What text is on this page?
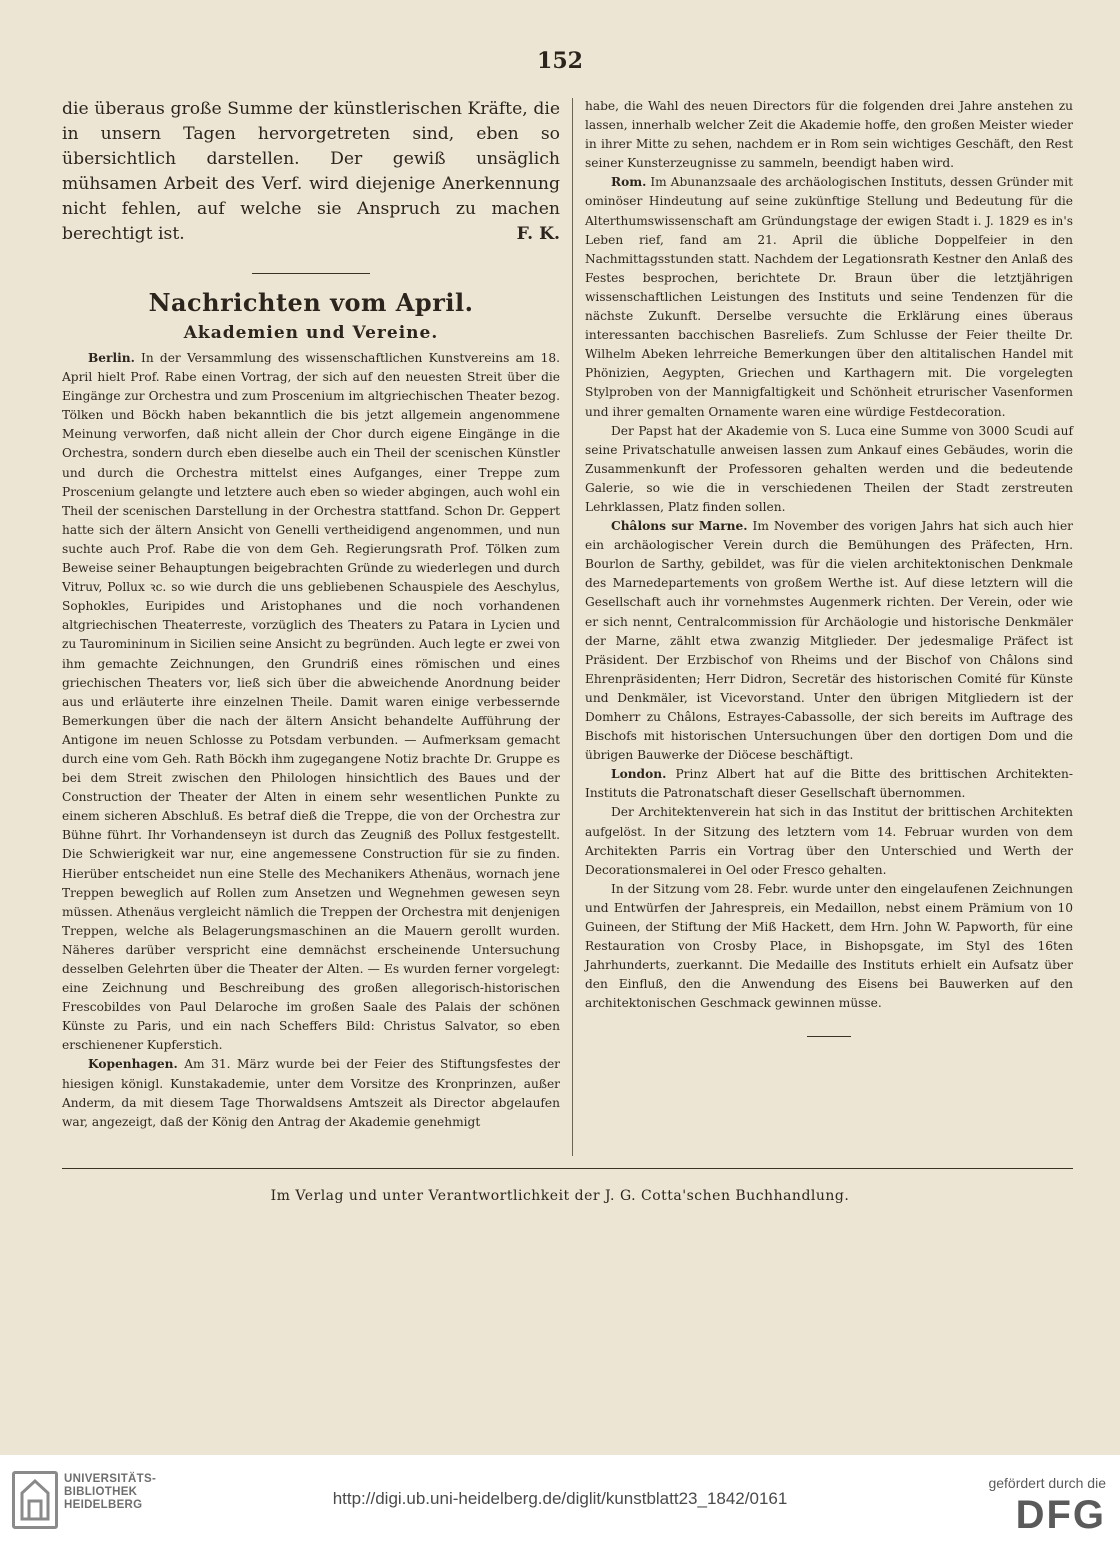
152

die überaus große Summe der künstlerischen Kräfte, die in unsern Tagen hervorgetreten sind, eben so übersichtlich darstellen. Der gewiß unsäglich mühsamen Arbeit des Verf. wird diejenige Anerkennung nicht fehlen, auf welche sie Anspruch zu machen berechtigt ist.	F. K.

Nachrichten vom April.
Akademien und Vereine.

Berlin. In der Versammlung des wissenschaftlichen Kunstvereins am 18. April hielt Prof. Rabe einen Vortrag, der sich auf den neuesten Streit über die Eingänge zur Orchestra und zum Proscenium im altgriechischen Theater bezog. Tölken und Böckh haben bekanntlich die bis jetzt allgemein angenommene Meinung verworfen, daß nicht allein der Chor durch eigene Eingänge in die Orchestra, sondern durch eben dieselbe auch ein Theil der scenischen Künstler und durch die Orchestra mittelst eines Aufganges, einer Treppe zum Proscenium gelangte und letztere auch eben so wieder abgingen, auch wohl ein Theil der scenischen Darstellung in der Orchestra stattfand. Schon Dr. Geppert hatte sich der ältern Ansicht von Genelli vertheidigend angenommen, und nun suchte auch Prof. Rabe die von dem Geh. Regierungsrath Prof. Tölken zum Beweise seiner Behauptungen beigebrachten Gründe zu wiederlegen und durch Vitruv, Pollux ꝛc. so wie durch die uns gebliebenen Schauspiele des Aeschylus, Sophokles, Euripides und Aristophanes und die noch vorhandenen altgriechischen Theaterreste, vorzüglich des Theaters zu Patara in Lycien und zu Tauromininum in Sicilien seine Ansicht zu begründen. Auch legte er zwei von ihm gemachte Zeichnungen, den Grundriß eines römischen und eines griechischen Theaters vor, ließ sich über die abweichende Anordnung beider aus und erläuterte ihre einzelnen Theile. Damit waren einige verbessernde Bemerkungen über die nach der ältern Ansicht behandelte Aufführung der Antigone im neuen Schlosse zu Potsdam verbunden. — Aufmerksam gemacht durch eine vom Geh. Rath Böckh ihm zugegangene Notiz brachte Dr. Gruppe es bei dem Streit zwischen den Philologen hinsichtlich des Baues und der Construction der Theater der Alten in einem sehr wesentlichen Punkte zu einem sicheren Abschluß. Es betraf dieß die Treppe, die von der Orchestra zur Bühne führt. Ihr Vorhandenseyn ist durch das Zeugniß des Pollux festgestellt. Die Schwierigkeit war nur, eine angemessene Construction für sie zu finden. Hierüber entscheidet nun eine Stelle des Mechanikers Athenäus, wornach jene Treppen beweglich auf Rollen zum Ansetzen und Wegnehmen gewesen seyn müssen. Athenäus vergleicht nämlich die Treppen der Orchestra mit denjenigen Treppen, welche als Belagerungsmaschinen an die Mauern gerollt wurden. Näheres darüber verspricht eine demnächst erscheinende Untersuchung desselben Gelehrten über die Theater der Alten. — Es wurden ferner vorgelegt: eine Zeichnung und Beschreibung des großen allegorisch-historischen Frescobildes von Paul Delaroche im großen Saale des Palais der schönen Künste zu Paris, und ein nach Scheffers Bild: Christus Salvator, so eben erschienener Kupferstich.

Kopenhagen. Am 31. März wurde bei der Feier des Stiftungsfestes der hiesigen königl. Kunstakademie, unter dem Vorsitze des Kronprinzen, außer Anderm, da mit diesem Tage Thorwaldsens Amtszeit als Director abgelaufen war, angezeigt, daß der König den Antrag der Akademie genehmigt

habe, die Wahl des neuen Directors für die folgenden drei Jahre anstehen zu lassen, innerhalb welcher Zeit die Akademie hoffe, den großen Meister wieder in ihrer Mitte zu sehen, nachdem er in Rom sein wichtiges Geschäft, den Rest seiner Kunsterzeugnisse zu sammeln, beendigt haben wird.

Rom. Im Abunanzsaale des archäologischen Instituts, dessen Gründer mit ominöser Hindeutung auf seine zukünftige Stellung und Bedeutung für die Alterthumswissenschaft am Gründungstage der ewigen Stadt i. J. 1829 es in's Leben rief, fand am 21. April die übliche Doppelfeier in den Nachmittagsstunden statt. Nachdem der Legationsrath Kestner den Anlaß des Festes besprochen, berichtete Dr. Braun über die letztjährigen wissenschaftlichen Leistungen des Instituts und seine Tendenzen für die nächste Zukunft. Derselbe versuchte die Erklärung eines überaus interessanten bacchischen Basreliefs. Zum Schlusse der Feier theilte Dr. Wilhelm Abeken lehrreiche Bemerkungen über den altitalischen Handel mit Phönizien, Aegypten, Griechen und Karthagern mit. Die vorgelegten Stylproben von der Mannigfaltigkeit und Schönheit etrurischer Vasenformen und ihrer gemalten Ornamente waren eine würdige Festdecoration.

Der Papst hat der Akademie von S. Luca eine Summe von 3000 Scudi auf seine Privatschatulle anweisen lassen zum Ankauf eines Gebäudes, worin die Zusammenkunft der Professoren gehalten werden und die bedeutende Galerie, so wie die in verschiedenen Theilen der Stadt zerstreuten Lehrklassen, Platz finden sollen.

Châlons sur Marne. Im November des vorigen Jahrs hat sich auch hier ein archäologischer Verein durch die Bemühungen des Präfecten, Hrn. Bourlon de Sarthy, gebildet, was für die vielen architektonischen Denkmale des Marnedepartements von großem Werthe ist. Auf diese letztern will die Gesellschaft auch ihr vornehmstes Augenmerk richten. Der Verein, oder wie er sich nennt, Centralcommission für Archäologie und historische Denkmäler der Marne, zählt etwa zwanzig Mitglieder. Der jedesmalige Präfect ist Präsident. Der Erzbischof von Rheims und der Bischof von Châlons sind Ehrenpräsidenten; Herr Didron, Secretär des historischen Comité für Künste und Denkmäler, ist Vicevorstand. Unter den übrigen Mitgliedern ist der Domherr zu Châlons, Estrayes-Cabassolle, der sich bereits im Auftrage des Bischofs mit historischen Untersuchungen über den dortigen Dom und die übrigen Bauwerke der Diöcese beschäftigt.

London. Prinz Albert hat auf die Bitte des brittischen Architekten-Instituts die Patronatschaft dieser Gesellschaft übernommen.

Der Architektenverein hat sich in das Institut der brittischen Architekten aufgelöst. In der Sitzung des letztern vom 14. Februar wurden von dem Architekten Parris ein Vortrag über den Unterschied und Werth der Decorationsmalerei in Oel oder Fresco gehalten.

In der Sitzung vom 28. Febr. wurde unter den eingelaufenen Zeichnungen und Entwürfen der Jahrespreis, ein Medaillon, nebst einem Prämium von 10 Guineen, der Stiftung der Miß Hackett, dem Hrn. John W. Papworth, für eine Restauration von Crosby Place, in Bishopsgate, im Styl des 16ten Jahrhunderts, zuerkannt. Die Medaille des Instituts erhielt ein Aufsatz über den Einfluß, den die Anwendung des Eisens bei Bauwerken auf den architektonischen Geschmack gewinnen müsse.

Im Verlag und unter Verantwortlichkeit der J. G. Cotta'schen Buchhandlung.
UNIVERSITÄTS-
BIBLIOTHEK
HEIDELBERG	http://digi.ub.uni-heidelberg.de/diglit/kunstblatt23_1842/0161
gefördert durch die
DFG
